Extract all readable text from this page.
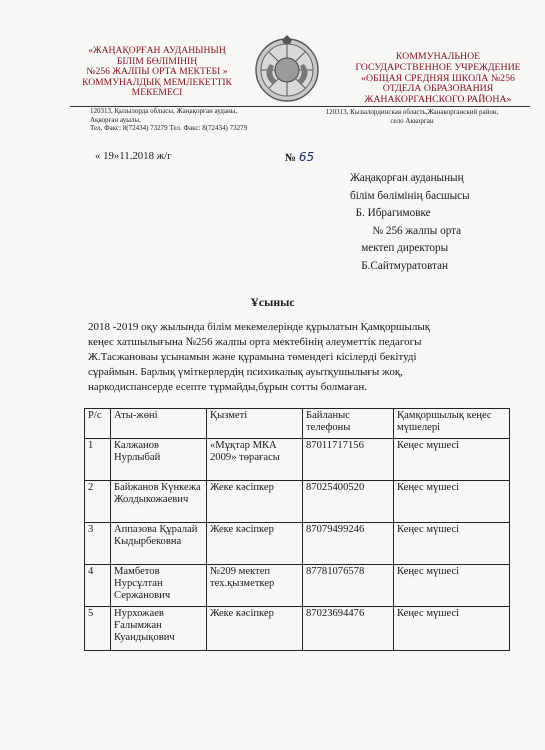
«ЖАҢАҚОРҒАН АУДАНЫНЫҢ
БІЛІМ БӨЛІМІНІҢ
№256 ЖАЛПЫ ОРТА МЕКТЕБІ »
КОММУНАЛДЫҚ МЕМЛЕКЕТТІК
МЕКЕМЕСІ
КОММУНАЛЬНОЕ
ГОСУДАРСТВЕННОЕ УЧРЕЖДЕНИЕ
«ОБЩАЯ СРЕДНЯЯ ШКОЛА №256
ОТДЕЛА ОБРАЗОВАНИЯ
ЖАНАКОРГАНСКОГО РАЙОНА»
120313, Қызылорда облысы, Жаңақорған ауданы,
Ақкорған ауылы,
Тел, Факс: 8(72434) 73279 Тел. Факс: 8(72434) 73279
120313, Кызылординская область,Жанакорганский район,
село Аккорган
« 19»11.2018 ж/г	№ 65
Жаңақорған ауданының
білім бөлімінің басшысы
Б. Ибрагимовке
№ 256 жалпы орта
мектеп директоры
Б.Сайтмуратовтан
Ұсыныс
2018 -2019 оқу жылында білім мекемелерінде құрылатын Қамқоршылық
кеңес хатшылығына №256 жалпы орта мектебінің әлеуметтік педагогы
Ж.Тасжановаы ұсынамын және құрамына төмендегі кісілерді бекітуді
сұраймын. Барлық үміткерлердің психикалық ауытқушылығы жоқ,
наркодиспансерде есепте тұрмайды,бұрын сотты болмаған.
Р/с	Аты-жөні	Қызметі	Байланыс телефоны	Қамқоршылық кеңес мүшелері
1	Калжанов Нурлыбай	«Мұқтар МКА 2009» төрағасы	87011717156	Кеңес мүшесі
2	Байжанов Күнкежа Жолдыкожаевич	Жеке кәсіпкер	87025400520	Кеңес мүшесі
3	Аппазова Құралай Кыдырбековна	Жеке кәсіпкер	87079499246	Кеңес мүшесі
4	Мамбетов Нурсұлтан Сержанович	№209 мектеп тех.қызметкер	87781076578	Кеңес мүшесі
5	Нурхожаев Ғалымжан Куандықович	Жеке кәсіпкер	87023694476	Кеңес мүшесі
